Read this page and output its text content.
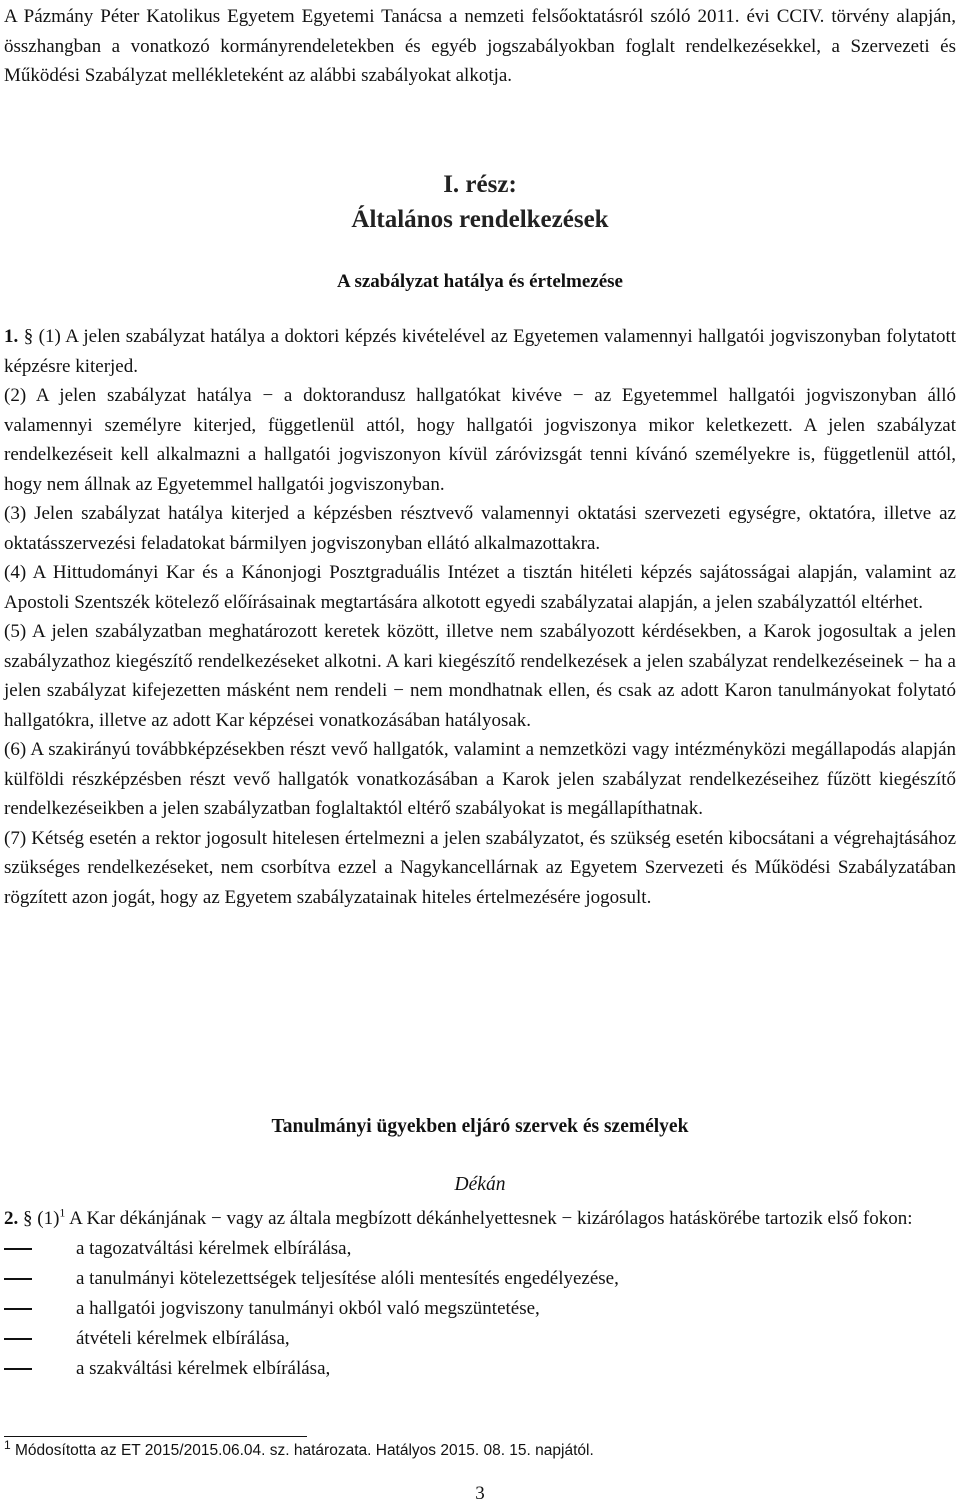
A Pázmány Péter Katolikus Egyetem Egyetemi Tanácsa a nemzeti felsőoktatásról szóló 2011. évi CCIV. törvény alapján, összhangban a vonatkozó kormányrendeletekben és egyéb jogszabályokban foglalt rendelkezésekkel, a Szervezeti és Működési Szabályzat mellékleteként az alábbi szabályokat alkotja.

I. rész:
Általános rendelkezések
A szabályzat hatálya és értelmezése

1. § (1) A jelen szabályzat hatálya a doktori képzés kivételével az Egyetemen valamennyi hallgatói jogviszonyban folytatott képzésre kiterjed.

(2) A jelen szabályzat hatálya − a doktorandusz hallgatókat kivéve − az Egyetemmel hallgatói jogviszonyban álló valamennyi személyre kiterjed, függetlenül attól, hogy hallgatói jogviszonya mikor keletkezett. A jelen szabályzat rendelkezéseit kell alkalmazni a hallgatói jogviszonyon kívül záróvizsgát tenni kívánó személyekre is, függetlenül attól, hogy nem állnak az Egyetemmel hallgatói jogviszonyban.

(3) Jelen szabályzat hatálya kiterjed a képzésben résztvevő valamennyi oktatási szervezeti egységre, oktatóra, illetve az oktatásszervezési feladatokat bármilyen jogviszonyban ellátó alkalmazottakra.

(4) A Hittudományi Kar és a Kánonjogi Posztgraduális Intézet a tisztán hitéleti képzés sajátosságai alapján, valamint az Apostoli Szentszék kötelező előírásainak megtartására alkotott egyedi szabályzatai alapján, a jelen szabályzattól eltérhet.

(5) A jelen szabályzatban meghatározott keretek között, illetve nem szabályozott kérdésekben, a Karok jogosultak a jelen szabályzathoz kiegészítő rendelkezéseket alkotni. A kari kiegészítő rendelkezések a jelen szabályzat rendelkezéseinek − ha a jelen szabályzat kifejezetten másként nem rendeli − nem mondhatnak ellen, és csak az adott Karon tanulmányokat folytató hallgatókra, illetve az adott Kar képzései vonatkozásában hatályosak.

(6) A szakirányú továbbképzésekben részt vevő hallgatók, valamint a nemzetközi vagy intézményközi megállapodás alapján külföldi részképzésben részt vevő hallgatók vonatkozásában a Karok jelen szabályzat rendelkezéseihez fűzött kiegészítő rendelkezéseikben a jelen szabályzatban foglaltaktól eltérő szabályokat is megállapíthatnak.

(7) Kétség esetén a rektor jogosult hitelesen értelmezni a jelen szabályzatot, és szükség esetén kibocsátani a végrehajtásához szükséges rendelkezéseket, nem csorbítva ezzel a Nagykancellárnak az Egyetem Szervezeti és Működési Szabályzatában rögzített azon jogát, hogy az Egyetem szabályzatainak hiteles értelmezésére jogosult.

Tanulmányi ügyekben eljáró szervek és személyek
Dékán

2. § $(1)^1$ A Kar dékánjának − vagy az általa megbízott dékánhelyettesnek − kizárólagos hatáskörébe tartozik első fokon:

a tagozatváltási kérelmek elbírálása,
a tanulmányi kötelezettségek teljesítése alóli mentesítés engedélyezése,
a hallgatói jogviszony tanulmányi okból való megszüntetése,
átvételi kérelmek elbírálása,
a szakváltási kérelmek elbírálása,
$^1$ Módosította az ET 2015/2015.06.04. sz. határozata. Hatályos 2015. 08. 15. napjától.
3
